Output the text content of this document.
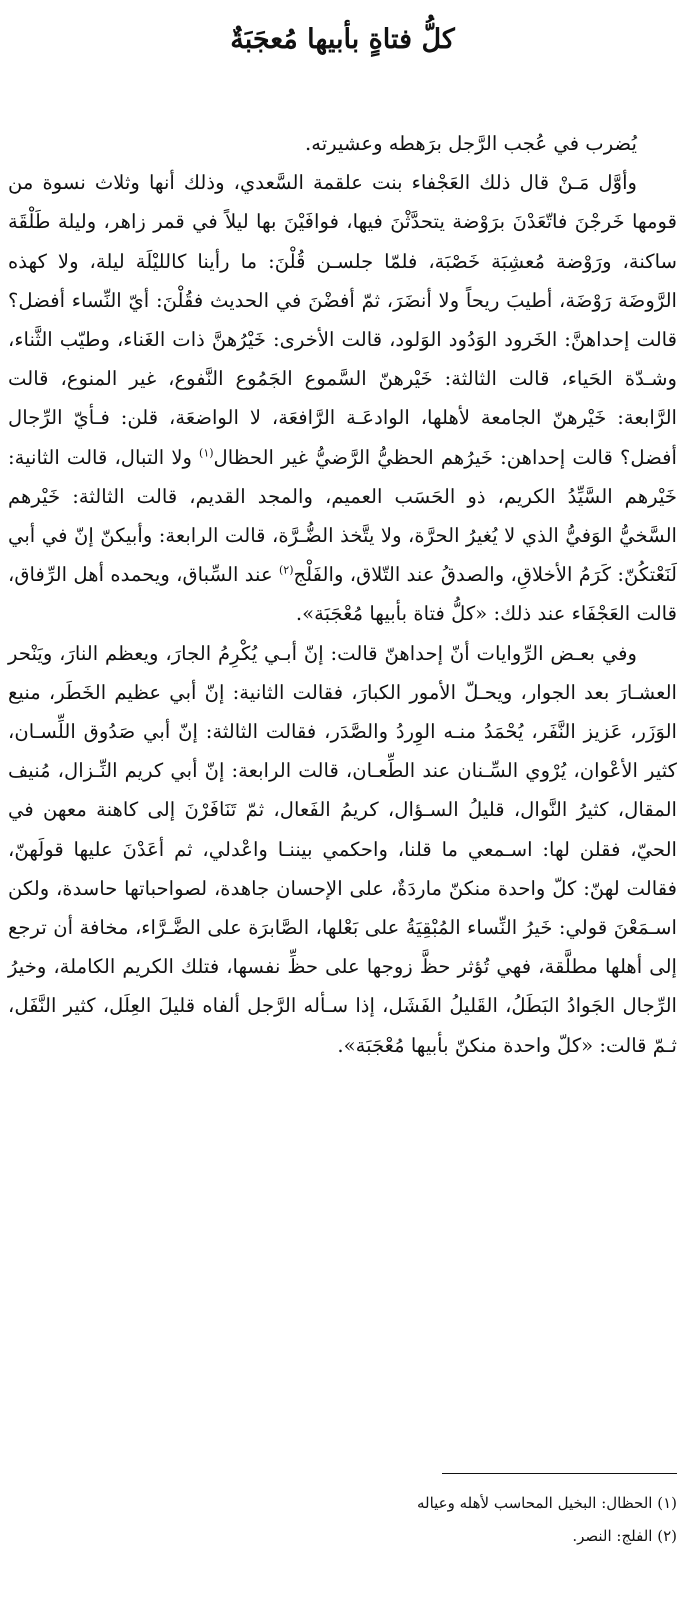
كلُّ فتاةٍ بأبيها مُعجَبَةٌ

يُضرب في عُجب الرَّجل برَهطه وعشيرته.

وأوَّل مَـنْ قال ذلك العَجْفاء بنت علقمة السَّعدي، وذلك أنها وثلاث نسوة من قومها خَرجْنَ فاتّعَدْنَ برَوْضة يتحدَّثْنَ فيها، فوافَيْنَ بها ليلاً في قمر زاهر، وليلة طَلْقَة ساكنة، ورَوْضة مُعشِبَة خَصْبَة، فلمّا جلسـن قُلْنَ: ما رأينا كالليْلَة ليلة، ولا كهذه الرَّوضَة رَوْضَة، أطيبَ ريحاً ولا أنضَرَ، ثمّ أفضْنَ في الحديث فقُلْنَ: أيّ النِّساء أفضل؟ قالت إحداهنَّ: الخَرود الوَدُود الوَلود، قالت الأخرى: خَيْرُهنَّ ذات الغَناء، وطيّب الثَّناء، وشـدّة الحَياء، قالت الثالثة: خَيْرهنّ السَّموع الجَمُوع النَّفوع، غير المنوع، قالت الرَّابعة: خَيْرهنّ الجامعة لأهلها، الوادعَـة الرَّافعَة، لا الواضعَة، قلن: فـأيّ الرِّجال أفضل؟ قالت إحداهن: خَيرُهم الحظيُّ الرَّضيُّ غير الحظال$^{(١)}$ ولا التبال، قالت الثانية: خَيْرهم السَّيِّدُ الكريم، ذو الحَسَب العميم، والمجد القديم، قالت الثالثة: خَيْرهم السَّخيُّ الوَفيُّ الذي لا يُغيرُ الحرَّة، ولا يتَّخذ الضُّـرَّة، قالت الرابعة: وأبيكنّ إنّ في أبي لَنَعْتكُنّ: كَرَمُ الأخلاقِ، والصدقُ عند التّلاق، والفَلْج$^{(٢)}$ عند السِّباق، ويحمده أهل الرِّفاق، قالت العَجْفَاء عند ذلك: «كلُّ فتاة بأبيها مُعْجَبَة».

وفي بعـض الرِّوايات أنّ إحداهنّ قالت: إنّ أبـي يُكْرِمُ الجارَ، ويعظم النارَ، ويَنْحر العشـارَ بعد الجوار، ويحـلّ الأمور الكبارَ، فقالت الثانية: إنّ أبي عظيم الخَطَر، منيع الوَزَر، عَزيز النَّفَر، يُحْمَدُ منـه الوِردُ والصَّدَر، فقالت الثالثة: إنّ أبي صَدُوق اللِّسـان، كثير الأعْوان، يُرْوي السِّـنان عند الطِّعـان، قالت الرابعة: إنّ أبي كريم النِّـزال، مُنيف المقال، كثيرُ النَّوال، قليلُ السـؤال، كريمُ الفَعال، ثمّ تَنَافَرْنَ إلى كاهنة معهن في الحيّ، فقلن لها: اسـمعي ما قلنا، واحكمي بيننـا واعْدلي، ثم أعَدْنَ عليها قولَهنّ، فقالت لهنّ: كلّ واحدة منكنّ ماردَةٌ، على الإحسان جاهدة، لصواحباتها حاسدة، ولكن اسـمَعْنَ قولي: خَيرُ النِّساء المُبْقِيَةُ على بَعْلها، الصَّابرَة على الضَّـرَّاء، مخافة أن ترجع إلى أهلها مطلَّقة، فهي تُؤثر حظَّ زوجها على حظِّ نفسها، فتلك الكريم الكاملة، وخيرُ الرِّجال الجَوادُ البَطَلُ، القَليلُ الفَشَل، إذا سـأله الرَّجل ألفاه قليلَ العِلَل، كثير النَّفَل، ثـمّ قالت: «كلّ واحدة منكنّ بأبيها مُعْجَبَة».

(١) الحظال: البخيل المحاسب لأهله وعياله

(٢) الفلج: النصر.
